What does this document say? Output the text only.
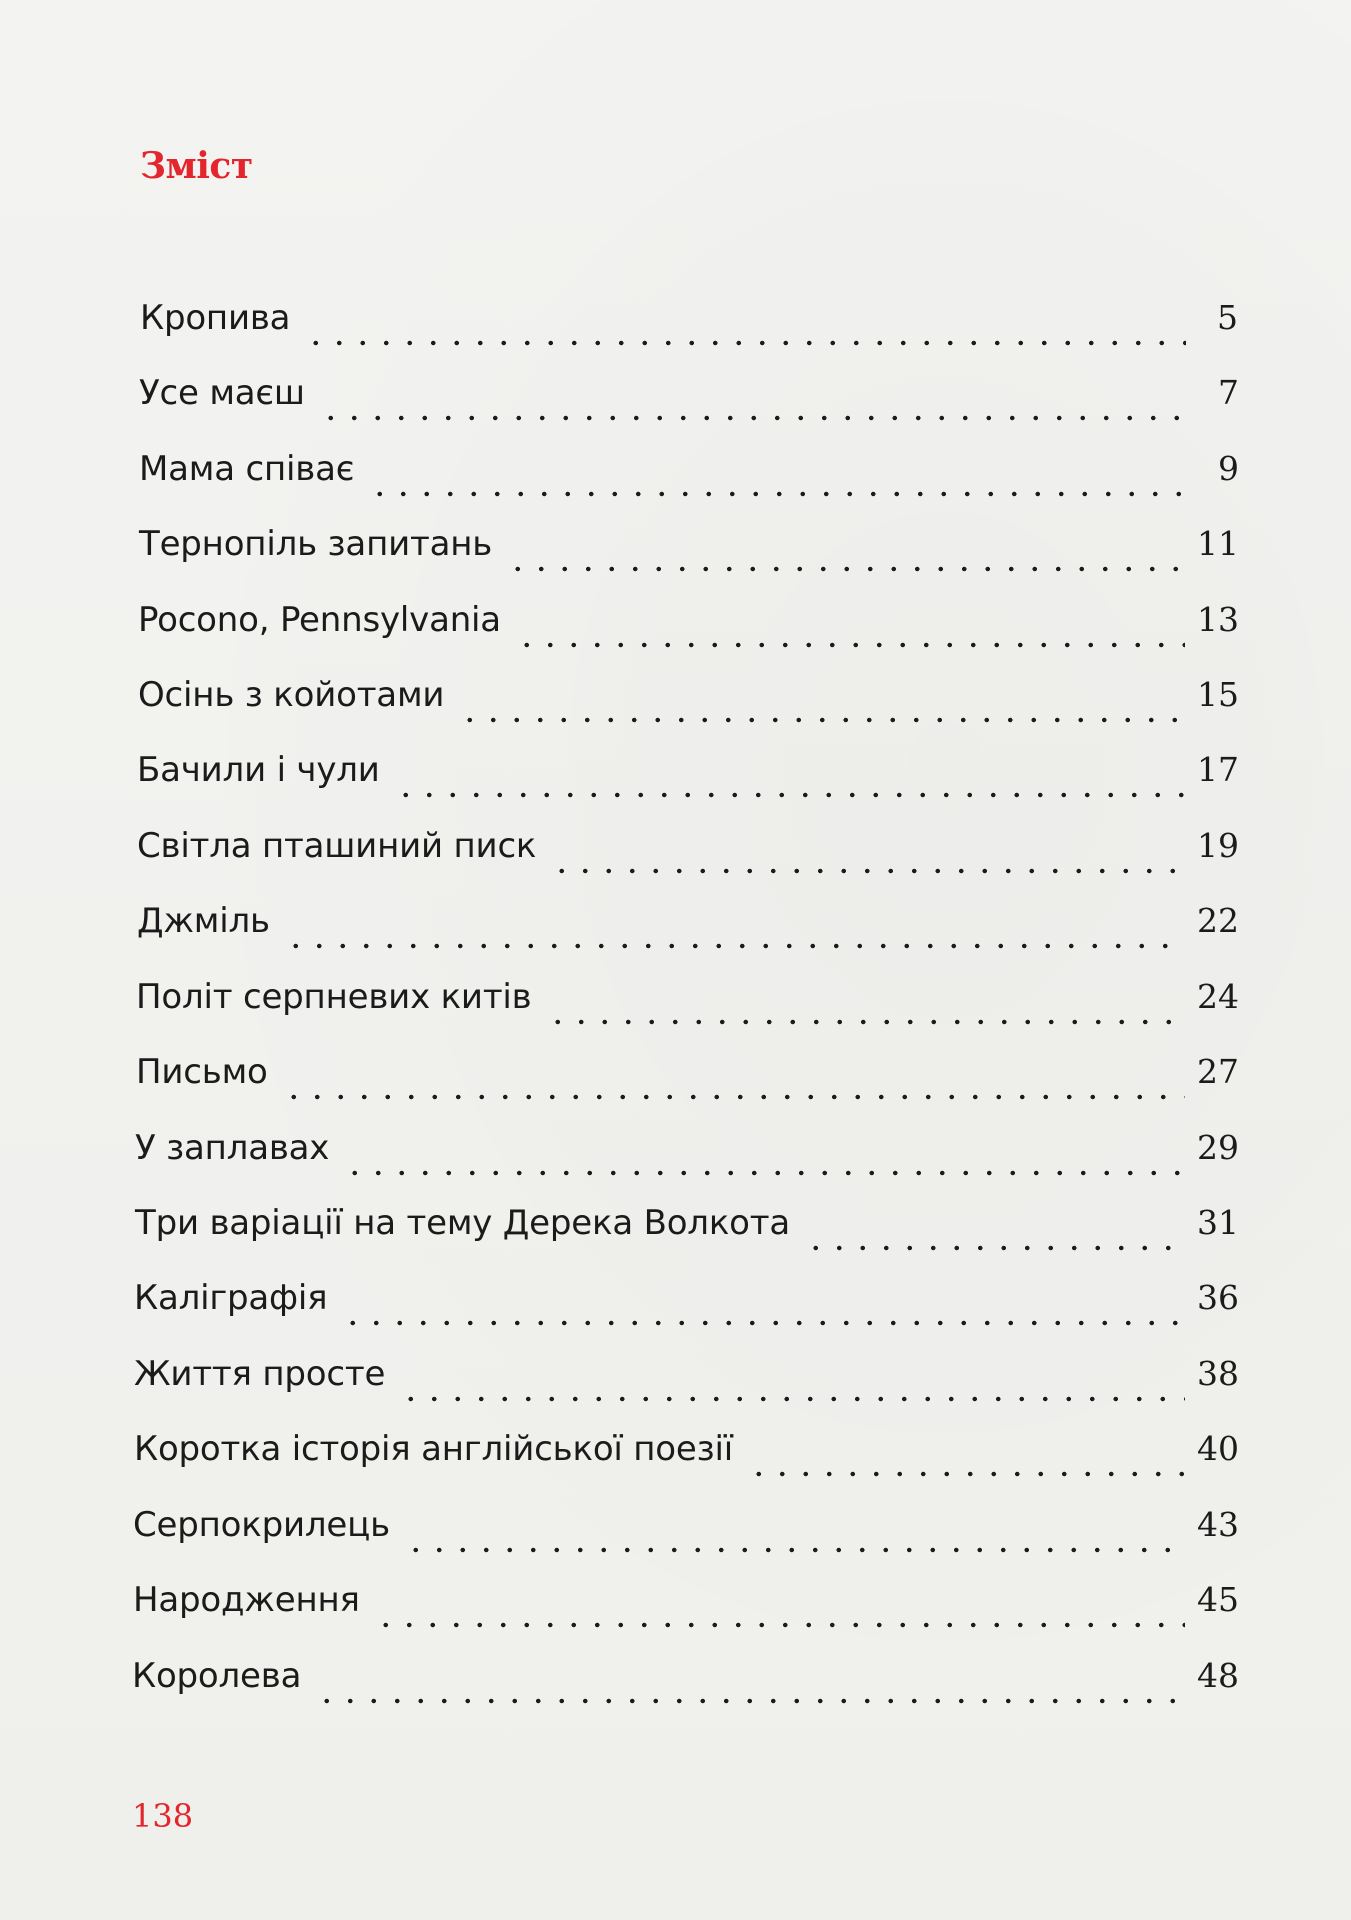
Зміст
Кропива	5
Усе маєш	7
Мама співає	9
Тернопіль запитань	11
Pocono, Pennsylvania	13
Осінь з койотами	15
Бачили і чули	17
Світла пташиний писк	19
Джміль	22
Політ серпневих китів	24
Письмо	27
У заплавах	29
Три варіації на тему Дерека Волкота	31
Каліграфія	36
Життя просте	38
Коротка історія англійської поезії	40
Серпокрилець	43
Народження	45
Королева	48
138
